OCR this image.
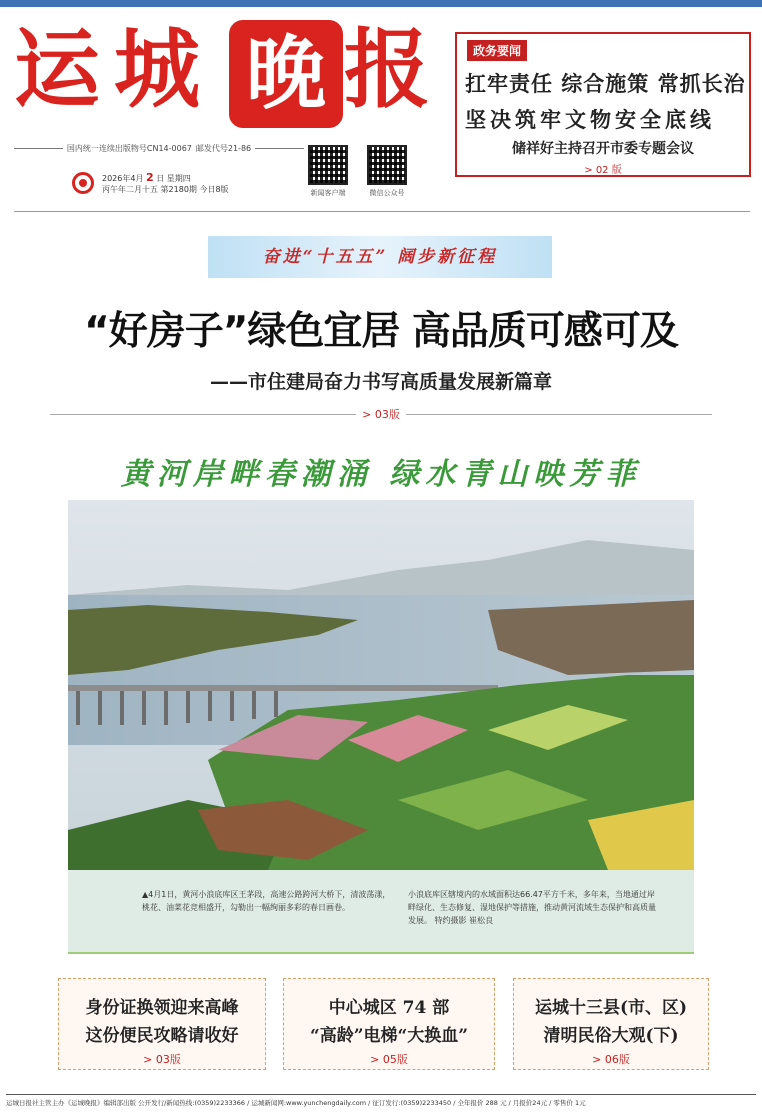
运 城 晚 报
国内统一连续出版物号CN14-0067 邮发代号21-86
2026年4月 2 日 星期四
丙午年二月十五 第2180期 今日8版	新闻客户端	微信公众号
政务要闻
扛牢责任 综合施策 常抓长治
坚决筑牢文物安全底线
储祥好主持召开市委专题会议
> 02 版
奋进“十五五” 阔步新征程
“好房子”绿色宜居 高品质可感可及
——市住建局奋力书写高质量发展新篇章
> 03版
黄河岸畔春潮涌 绿水青山映芳菲
▲4月1日，黄河小浪底库区王茅段，高速公路跨河大桥下，清波荡漾，桃花、油菜花竞相盛开，勾勒出一幅绚丽多彩的春日画卷。
小浪底库区辖境内的水域面积达66.47平方千米，多年来，当地通过岸畔绿化、生态修复、湿地保护等措施，推动黄河流域生态保护和高质量发展。 特约摄影 崔松良
身份证换领迎来高峰
这份便民攻略请收好
> 03版
中心城区 74 部
“高龄”电梯“大换血”
> 05版
运城十三县(市、区)
清明民俗大观(下)
> 06版
运城日报社主管主办《运城晚报》编辑部出版 公开发行/新闻热线:(0359)2233366 / 运城新闻网:www.yunchengdaily.com / 征订发行:(0359)2233450 / 全年报价 288 元 / 月报价24元 / 零售价 1元
